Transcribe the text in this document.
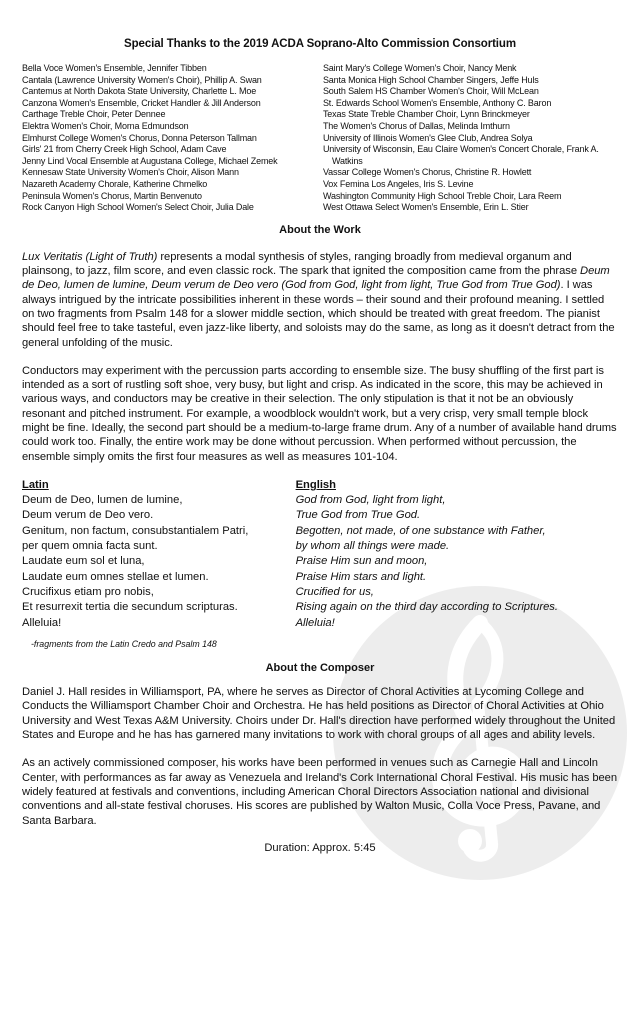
Special Thanks to the 2019 ACDA Soprano-Alto Commission Consortium
Bella Voce Women's Ensemble, Jennifer Tibben
Cantala (Lawrence University Women's Choir), Phillip A. Swan
Cantemus at North Dakota State University, Charlette L. Moe
Canzona Women's Ensemble, Cricket Handler & Jill Anderson
Carthage Treble Choir, Peter Dennee
Elektra Women's Choir, Morna Edmundson
Elmhurst College Women's Chorus, Donna Peterson Tallman
Girls' 21 from Cherry Creek High School, Adam Cave
Jenny Lind Vocal Ensemble at Augustana College, Michael Zemek
Kennesaw State University Women's Choir, Alison Mann
Nazareth Academy Chorale, Katherine Chmelko
Peninsula Women's Chorus, Martin Benvenuto
Rock Canyon High School Women's Select Choir, Julia Dale
Saint Mary's College Women's Choir, Nancy Menk
Santa Monica High School Chamber Singers, Jeffe Huls
South Salem HS Chamber Women's Choir, Will McLean
St. Edwards School Women's Ensemble, Anthony C. Baron
Texas State Treble Chamber Choir, Lynn Brinckmeyer
The Women's Chorus of Dallas, Melinda Imthurn
University of Illinois Women's Glee Club, Andrea Solya
University of Wisconsin, Eau Claire Women's Concert Chorale, Frank A. Watkins
Vassar College Women's Chorus, Christine R. Howlett
Vox Femina Los Angeles, Iris S. Levine
Washington Community High School Treble Choir, Lara Reem
West Ottawa Select Women's Ensemble, Erin L. Stier
About the Work

Lux Veritatis (Light of Truth) represents a modal synthesis of styles, ranging broadly from medieval organum and plainsong, to jazz, film score, and even classic rock. The spark that ignited the composition came from the phrase Deum de Deo, lumen de lumine, Deum verum de Deo vero (God from God, light from light, True God from True God). I was always intrigued by the intricate possibilities inherent in these words – their sound and their profound meaning. I settled on two fragments from Psalm 148 for a slower middle section, which should be treated with great freedom. The pianist should feel free to take tasteful, even jazz-like liberty, and soloists may do the same, as long as it doesn't detract from the general unfolding of the music.

Conductors may experiment with the percussion parts according to ensemble size. The busy shuffling of the first part is intended as a sort of rustling soft shoe, very busy, but light and crisp. As indicated in the score, this may be achieved in various ways, and conductors may be creative in their selection. The only stipulation is that it not be an obviously resonant and pitched instrument. For example, a woodblock wouldn't work, but a very crisp, very small temple block might be fine. Ideally, the second part should be a medium-to-large frame drum. Any of a number of available hand drums could work too. Finally, the entire work may be done without percussion. When performed without percussion, the ensemble simply omits the first four measures as well as measures 101-104.

Latin
Deum de Deo, lumen de lumine,
Deum verum de Deo vero.
Genitum, non factum, consubstantialem Patri,
per quem omnia facta sunt.
Laudate eum sol et luna,
Laudate eum omnes stellae et lumen.
Crucifixus etiam pro nobis,
Et resurrexit tertia die secundum scripturas.
Alleluia!
-fragments from the Latin Credo and Psalm 148
English
God from God, light from light,
True God from True God.
Begotten, not made, of one substance with Father,
by whom all things were made.
Praise Him sun and moon,
Praise Him stars and light.
Crucified for us,
Rising again on the third day according to Scriptures.
Alleluia!
About the Composer

Daniel J. Hall resides in Williamsport, PA, where he serves as Director of Choral Activities at Lycoming College and Conducts the Williamsport Chamber Choir and Orchestra. He has held positions as Director of Choral Activities at Ohio University and West Texas A&M University. Choirs under Dr. Hall's direction have performed widely throughout the United States and Europe and he has has garnered many invitations to work with choral groups of all ages and ability levels.

As an actively commissioned composer, his works have been performed in venues such as Carnegie Hall and Lincoln Center, with performances as far away as Venezuela and Ireland's Cork International Choral Festival. His music has been widely featured at festivals and conventions, including American Choral Directors Association national and divisional conventions and all-state festival choruses. His scores are published by Walton Music, Colla Voce Press, Pavane, and Santa Barbara.

Duration: Approx. 5:45
